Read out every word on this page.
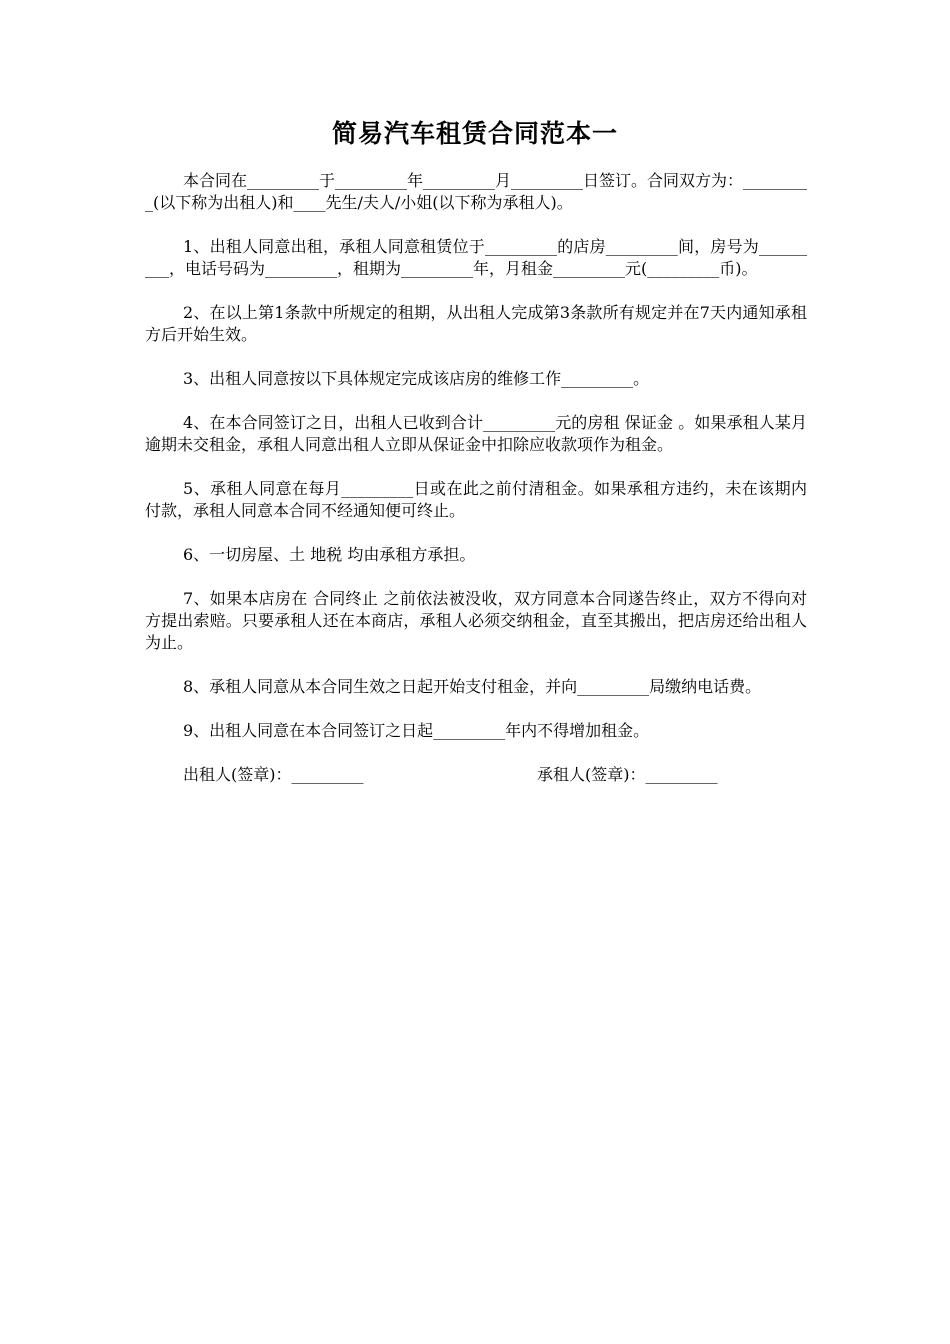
简易汽车租赁合同范本一

本合同在_________于_________年_________月_________日签订。合同双方为：_________(以下称为出租人)和____先生/夫人/小姐(以下称为承租人)。

1、出租人同意出租，承租人同意租赁位于_________的店房_________间，房号为_________，电话号码为_________，租期为_________年，月租金_________元(_________币)。

2、在以上第1条款中所规定的租期，从出租人完成第3条款所有规定并在7天内通知承租方后开始生效。

3、出租人同意按以下具体规定完成该店房的维修工作_________。

4、在本合同签订之日，出租人已收到合计_________元的房租 保证金 。如果承租人某月逾期未交租金，承租人同意出租人立即从保证金中扣除应收款项作为租金。

5、承租人同意在每月_________日或在此之前付清租金。如果承租方违约，未在该期内付款，承租人同意本合同不经通知便可终止。

6、一切房屋、土 地税 均由承租方承担。

7、如果本店房在 合同终止 之前依法被没收，双方同意本合同遂告终止，双方不得向对方提出索赔。只要承租人还在本商店，承租人必须交纳租金，直至其搬出，把店房还给出租人为止。

8、承租人同意从本合同生效之日起开始支付租金，并向_________局缴纳电话费。

9、出租人同意在本合同签订之日起_________年内不得增加租金。

出租人(签章)：_________	承租人(签章)：_________
